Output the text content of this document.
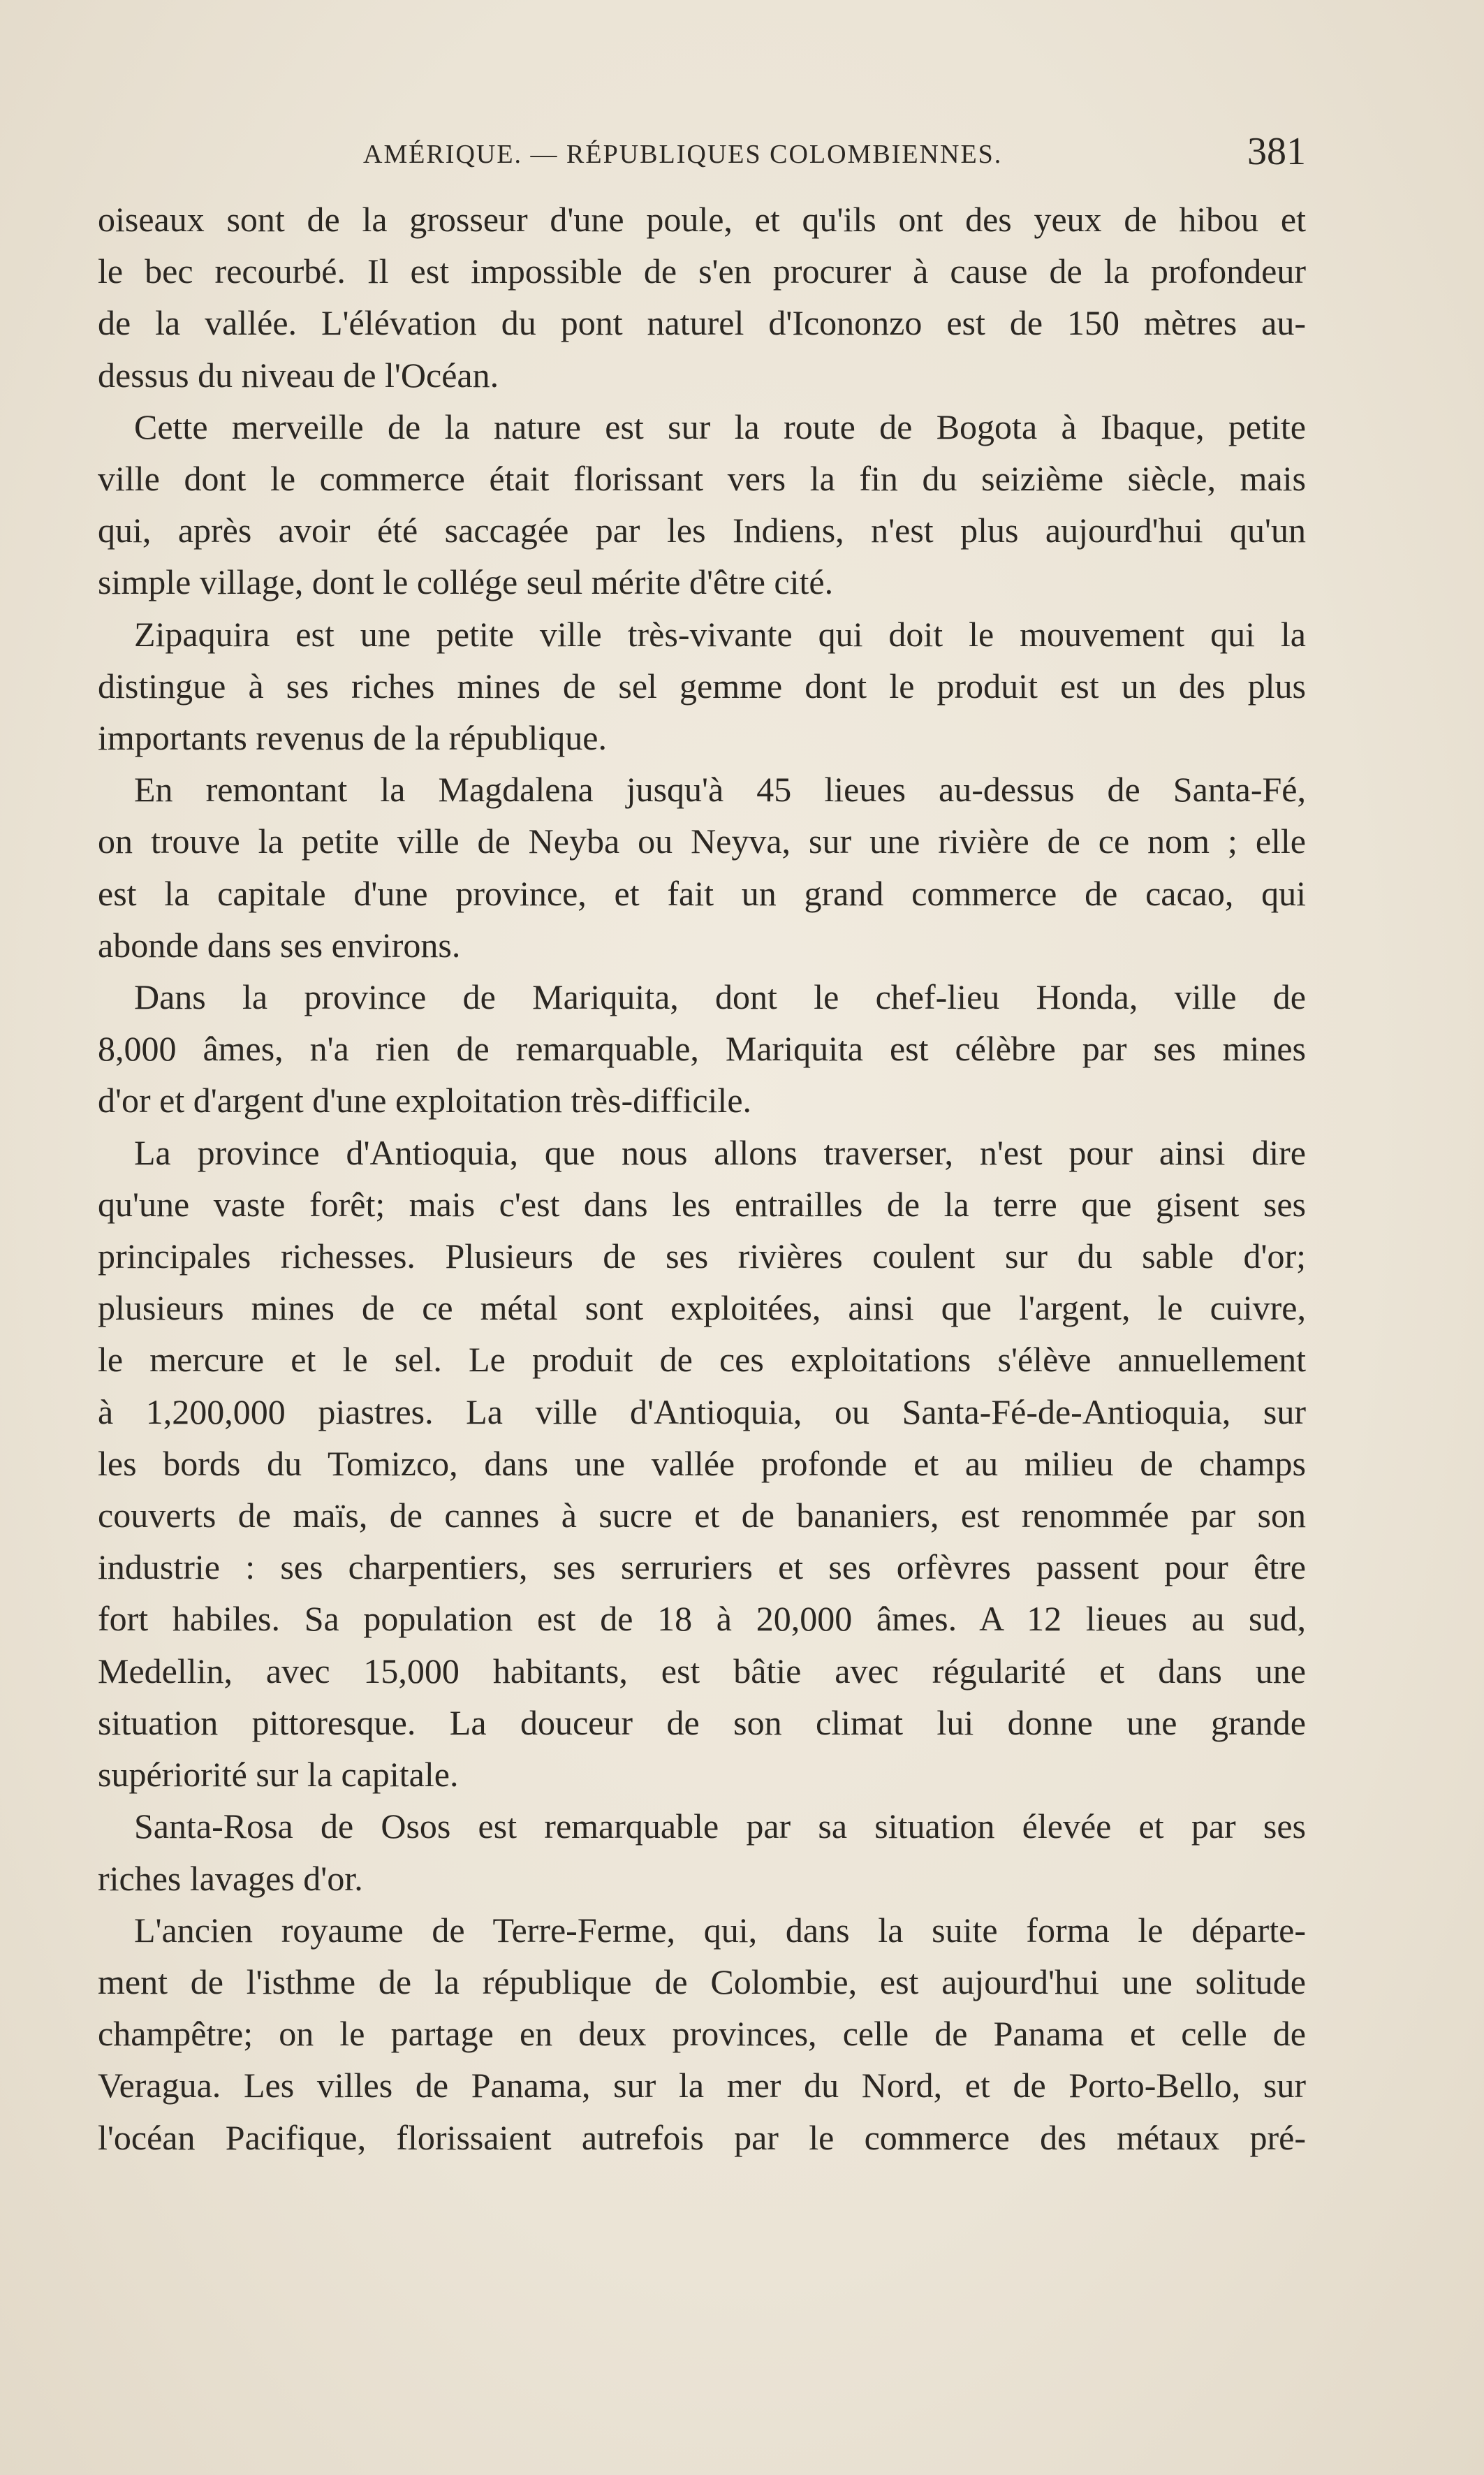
AMÉRIQUE. — RÉPUBLIQUES COLOMBIENNES.	381

oiseaux sont de la grosseur d'une poule, et qu'ils ont des yeux de hibou et
le bec recourbé. Il est impossible de s'en procurer à cause de la profondeur
de la vallée. L'élévation du pont naturel d'Icononzo est de 150 mètres au-
dessus du niveau de l'Océan.

Cette merveille de la nature est sur la route de Bogota à Ibaque, petite
ville dont le commerce était florissant vers la fin du seizième siècle, mais
qui, après avoir été saccagée par les Indiens, n'est plus aujourd'hui qu'un
simple village, dont le collége seul mérite d'être cité.

Zipaquira est une petite ville très-vivante qui doit le mouvement qui la
distingue à ses riches mines de sel gemme dont le produit est un des plus
importants revenus de la république.

En remontant la Magdalena jusqu'à 45 lieues au-dessus de Santa-Fé,
on trouve la petite ville de Neyba ou Neyva, sur une rivière de ce nom ; elle
est la capitale d'une province, et fait un grand commerce de cacao, qui
abonde dans ses environs.

Dans la province de Mariquita, dont le chef-lieu Honda, ville de
8,000 âmes, n'a rien de remarquable, Mariquita est célèbre par ses mines
d'or et d'argent d'une exploitation très-difficile.

La province d'Antioquia, que nous allons traverser, n'est pour ainsi dire
qu'une vaste forêt; mais c'est dans les entrailles de la terre que gisent ses
principales richesses. Plusieurs de ses rivières coulent sur du sable d'or;
plusieurs mines de ce métal sont exploitées, ainsi que l'argent, le cuivre,
le mercure et le sel. Le produit de ces exploitations s'élève annuellement
à 1,200,000 piastres. La ville d'Antioquia, ou Santa-Fé-de-Antioquia, sur
les bords du Tomizco, dans une vallée profonde et au milieu de champs
couverts de maïs, de cannes à sucre et de bananiers, est renommée par son
industrie : ses charpentiers, ses serruriers et ses orfèvres passent pour être
fort habiles. Sa population est de 18 à 20,000 âmes. A 12 lieues au sud,
Medellin, avec 15,000 habitants, est bâtie avec régularité et dans une
situation pittoresque. La douceur de son climat lui donne une grande
supériorité sur la capitale.

Santa-Rosa de Osos est remarquable par sa situation élevée et par ses
riches lavages d'or.

L'ancien royaume de Terre-Ferme, qui, dans la suite forma le départe-
ment de l'isthme de la république de Colombie, est aujourd'hui une solitude
champêtre; on le partage en deux provinces, celle de Panama et celle de
Veragua. Les villes de Panama, sur la mer du Nord, et de Porto-Bello, sur
l'océan Pacifique, florissaient autrefois par le commerce des métaux pré-
